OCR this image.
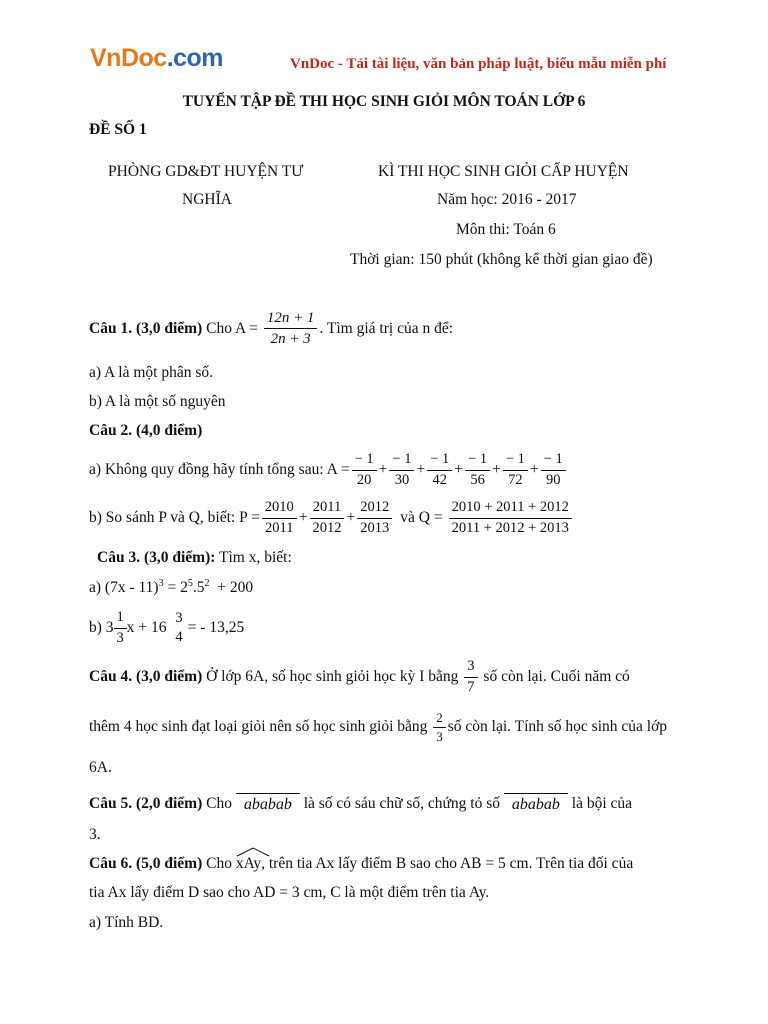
VnDoc.com	VnDoc - Tải tài liệu, văn bản pháp luật, biểu mẫu miễn phí
TUYỂN TẬP ĐỀ THI HỌC SINH GIỎI MÔN TOÁN LỚP 6
ĐỀ SỐ 1
PHÒNG GD&ĐT HUYỆN TƯ
NGHĨA
KÌ THI HỌC SINH GIỎI CẤP HUYỆN
Năm học: 2016 - 2017
Môn thi: Toán 6
Thời gian: 150 phút (không kể thời gian giao đề)
Câu 1. (3,0 điểm) Cho $A = \frac{12n + 1}{2n + 3}$ . Tìm giá trị của n để:
a) A là một phân số.
b) A là một số nguyên
Câu 2. (4,0 điểm)
a) Không quy đồng hãy tính tổng sau: $A = \frac{- 1}{20} + \frac{- 1}{30} + \frac{- 1}{42} + \frac{- 1}{56} + \frac{- 1}{72} + \frac{- 1}{90}$
b) So sánh P và Q, biết: $P = \frac{2010}{2011} + \frac{2011}{2012} + \frac{2012}{2013}$ và $Q = \frac{2010 + 2011 + 2012}{2011 + 2012 + 2013}$
Câu 3. (3,0 điểm): Tìm x, biết:
a) $(7x - 11)^3 = 2^5.5^2 + 200$
b) $3 \frac{1}{3}$ x + 16
3
4
= - 13,25
Câu 4. (3,0 điểm) Ở lớp 6A, số học sinh giỏi học kỳ I bằng $\frac{3}{7}$ số còn lại. Cuối năm có
thêm 4 học sinh đạt loại giỏi nên số học sinh giỏi bằng $\frac{2}{3}$ số còn lại. Tính số học sinh của lớp
6A.
Câu 5. (2,0 điểm) Cho ababab là số có sáu chữ số, chứng tỏ số ababab là bội của
3.
Câu 6. (5,0 điểm) Cho
xAy, trên tia Ax lấy điểm B sao cho AB = 5 cm. Trên tia đối của
tia Ax lấy điểm D sao cho AD = 3 cm, C là một điểm trên tia Ay.
a) Tính BD.
